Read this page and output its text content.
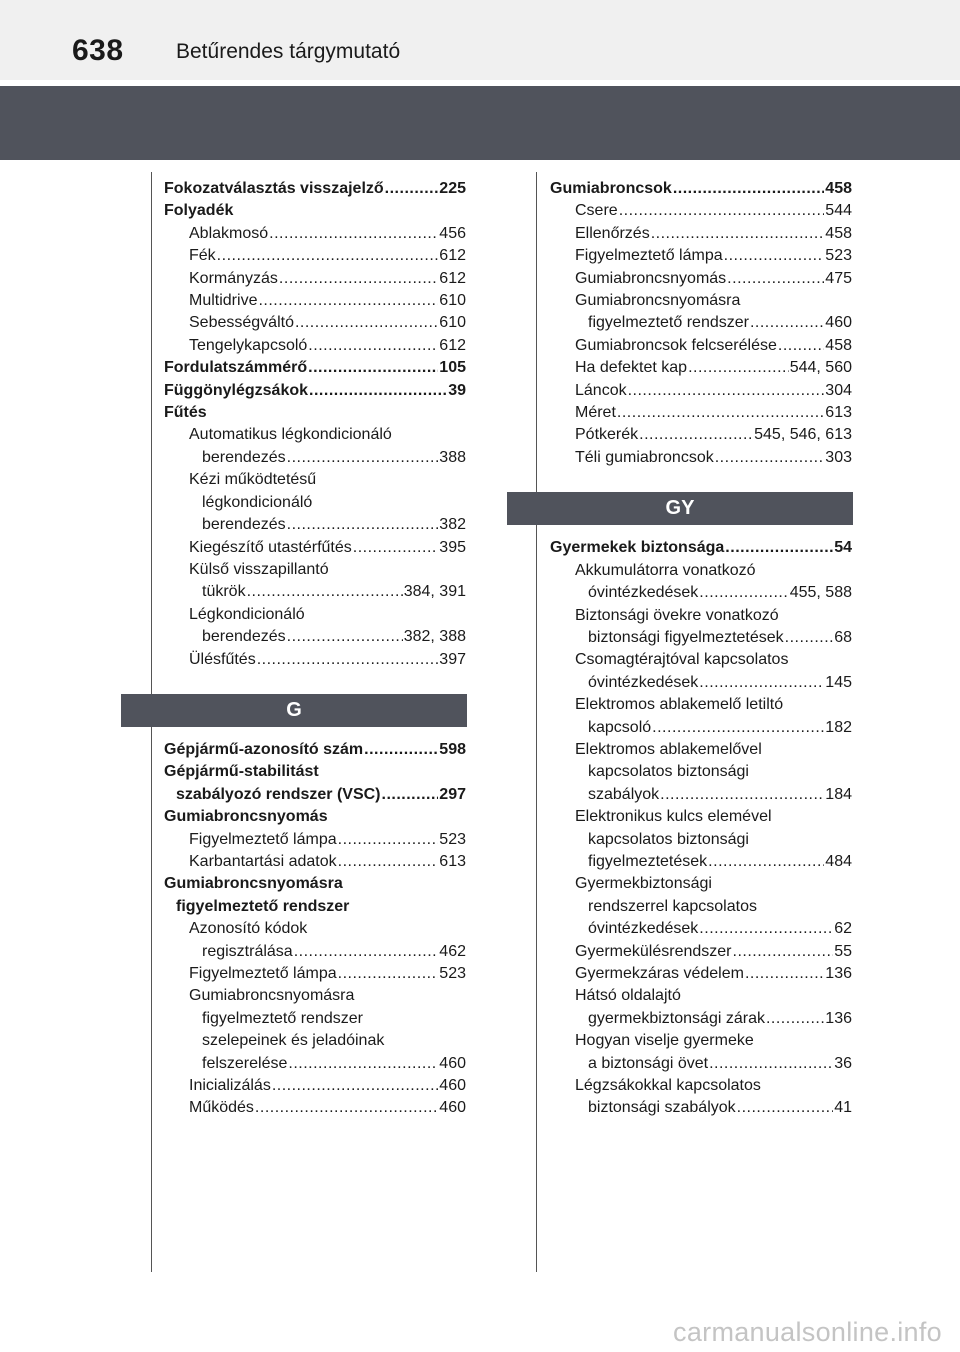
638 Betűrendes tárgymutató
Fokozatválasztás visszajelző .....	225
Folyadék
Ablakmosó .....	456
Fék .....	612
Kormányzás .....	612
Multidrive .....	610
Sebességváltó .....	610
Tengelykapcsoló .....	612
Fordulatszámmérő .....	105
Függönylégzsákok .....	39
Fűtés
Automatikus légkondicionáló
berendezés .....	388
Kézi működtetésű
légkondicionáló
berendezés .....	382
Kiegészítő utastérfűtés .....	395
Külső visszapillantó
tükrök .....	384, 391
Légkondicionáló
berendezés .....	382, 388
Ülésfűtés .....	397
G
Gépjármű-azonosító szám .....	598
Gépjármű-stabilitást
szabályozó rendszer (VSC) .....	297
Gumiabroncsnyomás
Figyelmeztető lámpa .....	523
Karbantartási adatok .....	613
Gumiabroncsnyomásra
figyelmeztető rendszer
Azonosító kódok
regisztrálása .....	462
Figyelmeztető lámpa .....	523
Gumiabroncsnyomásra
figyelmeztető rendszer
szelepeinek és jeladóinak
felszerelése .....	460
Inicializálás .....	460
Működés .....	460
Gumiabroncsok .....	458
Csere .....	544
Ellenőrzés .....	458
Figyelmeztető lámpa .....	523
Gumiabroncsnyomás .....	475
Gumiabroncsnyomásra
figyelmeztető rendszer .....	460
Gumiabroncsok felcserélése .....	458
Ha defektet kap .....	544, 560
Láncok .....	304
Méret .....	613
Pótkerék .....	545, 546, 613
Téli gumiabroncsok .....	303
GY
Gyermekek biztonsága .....	54
Akkumulátorra vonatkozó
óvintézkedések .....	455, 588
Biztonsági övekre vonatkozó
biztonsági figyelmeztetések .....	68
Csomagtérajtóval kapcsolatos
óvintézkedések .....	145
Elektromos ablakemelő letiltó
kapcsoló .....	182
Elektromos ablakemelővel
kapcsolatos biztonsági
szabályok .....	184
Elektronikus kulcs elemével
kapcsolatos biztonsági
figyelmeztetések .....	484
Gyermekbiztonsági
rendszerrel kapcsolatos
óvintézkedések .....	62
Gyermekülésrendszer .....	55
Gyermekzáras védelem .....	136
Hátsó oldalajtó
gyermekbiztonsági zárak .....	136
Hogyan viselje gyermeke
a biztonsági övet .....	36
Légzsákokkal kapcsolatos
biztonsági szabályok .....	41
carmanualsonline.info
